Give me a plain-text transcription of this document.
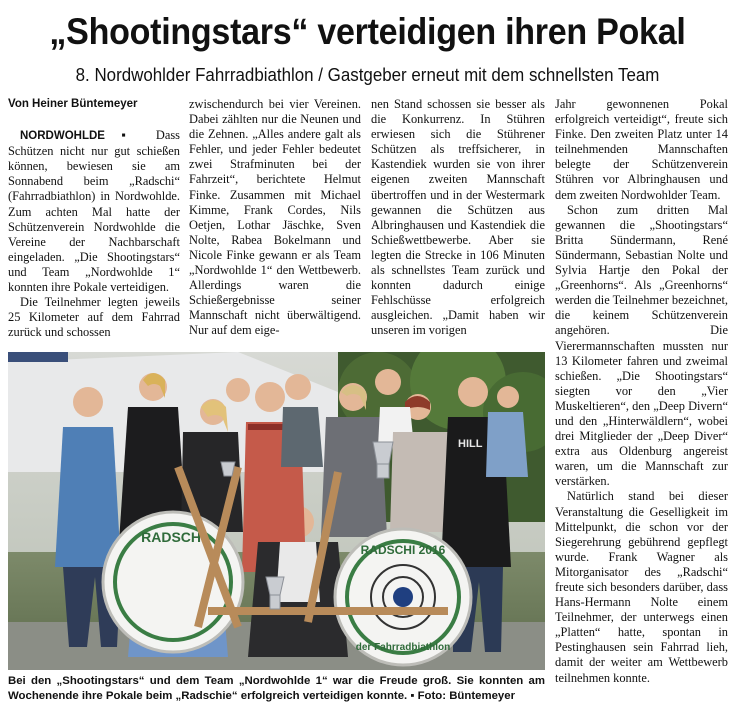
„Shootingstars“ verteidigen ihren Pokal
8. Nordwohlder Fahrradbiathlon / Gastgeber erneut mit dem schnellsten Team

Von Heiner Büntemeyer

NORDWOHLDE ▪ Dass Schützen nicht nur gut schießen können, bewiesen sie am Sonnabend beim „Radschi“ (Fahrradbiathlon) in Nordwohlde. Zum achten Mal hatte der Schützenverein Nordwohlde die Vereine der Nachbarschaft eingeladen. „Die Shootingstars“ und Team „Nordwohlde 1“ konnten ihre Pokale verteidigen.

Die Teilnehmer legten jeweils 25 Kilometer auf dem Fahrrad zurück und schossen

zwischendurch bei vier Vereinen. Dabei zählten nur die Neunen und die Zehnen. „Alles andere galt als Fehler, und jeder Fehler bedeutet zwei Strafminuten bei der Fahrzeit“, berichtete Helmut Finke. Zusammen mit Michael Kimme, Frank Cordes, Nils Oetjen, Lothar Jäschke, Sven Nolte, Rabea Bokelmann und Nicole Finke gewann er als Team „Nordwohlde 1“ den Wettbewerb. Allerdings waren die Schießergebnisse seiner Mannschaft nicht überwältigend. Nur auf dem eige-

nen Stand schossen sie besser als die Konkurrenz. In Stühren erwiesen sich die Stührener Schützen als treffsicherer, in Kastendiek wurden sie von ihrer eigenen zweiten Mannschaft übertroffen und in der Westermark gewannen die Schützen aus Albringhausen und Kastendiek die Schießwettbewerbe. Aber sie legten die Strecke in 106 Minuten als schnellstes Team zurück und konnten dadurch einige Fehlschüsse erfolgreich ausgleichen. „Damit haben wir unseren im vorigen

Jahr gewonnenen Pokal erfolgreich verteidigt“, freute sich Finke. Den zweiten Platz unter 14 teilnehmenden Mannschaften belegte der Schützenverein Stühren vor Albringhausen und dem zweiten Nordwohlder Team.

Schon zum dritten Mal gewannen die „Shootingstars“ Britta Sündermann, René Sündermann, Sebastian Nolte und Sylvia Hartje den Pokal der „Greenhorns“. Als „Greenhorns“ werden die Teilnehmer bezeichnet, die keinem Schützenverein angehören. Die Vierermannschaften mussten nur 13 Kilometer fahren und zweimal schießen. „Die Shootingstars“ siegten vor den „Vier Muskeltieren“, den „Deep Divern“ und den „Hinterwäldlern“, wobei drei Mitglieder der „Deep Diver“ extra aus Oldenburg angereist waren, um die Mannschaft zur verstärken.

Natürlich stand bei dieser Veranstaltung die Geselligkeit im Mittelpunkt, die schon vor der Siegerehrung gebührend gepflegt wurde. Frank Wagner als Mitorganisator des „Radschi“ freute sich besonders darüber, dass Hans-Hermann Nolte einem Teilnehmer, der unterwegs einen „Platten“ hatte, spontan in Pestinghausen sein Fahrrad lieh, damit der weiter am Wettbewerb teilnehmen konnte.

RADSCHI
RADSCHI 2016
der Fahrradbiathlon
HILL
Bei den „Shootingstars“ und dem Team „Nordwohlde 1“ war die Freude groß. Sie konnten am Wochenende ihre Pokale beim „Radschie“ erfolgreich verteidigen konnte. ▪ Foto: Büntemeyer
